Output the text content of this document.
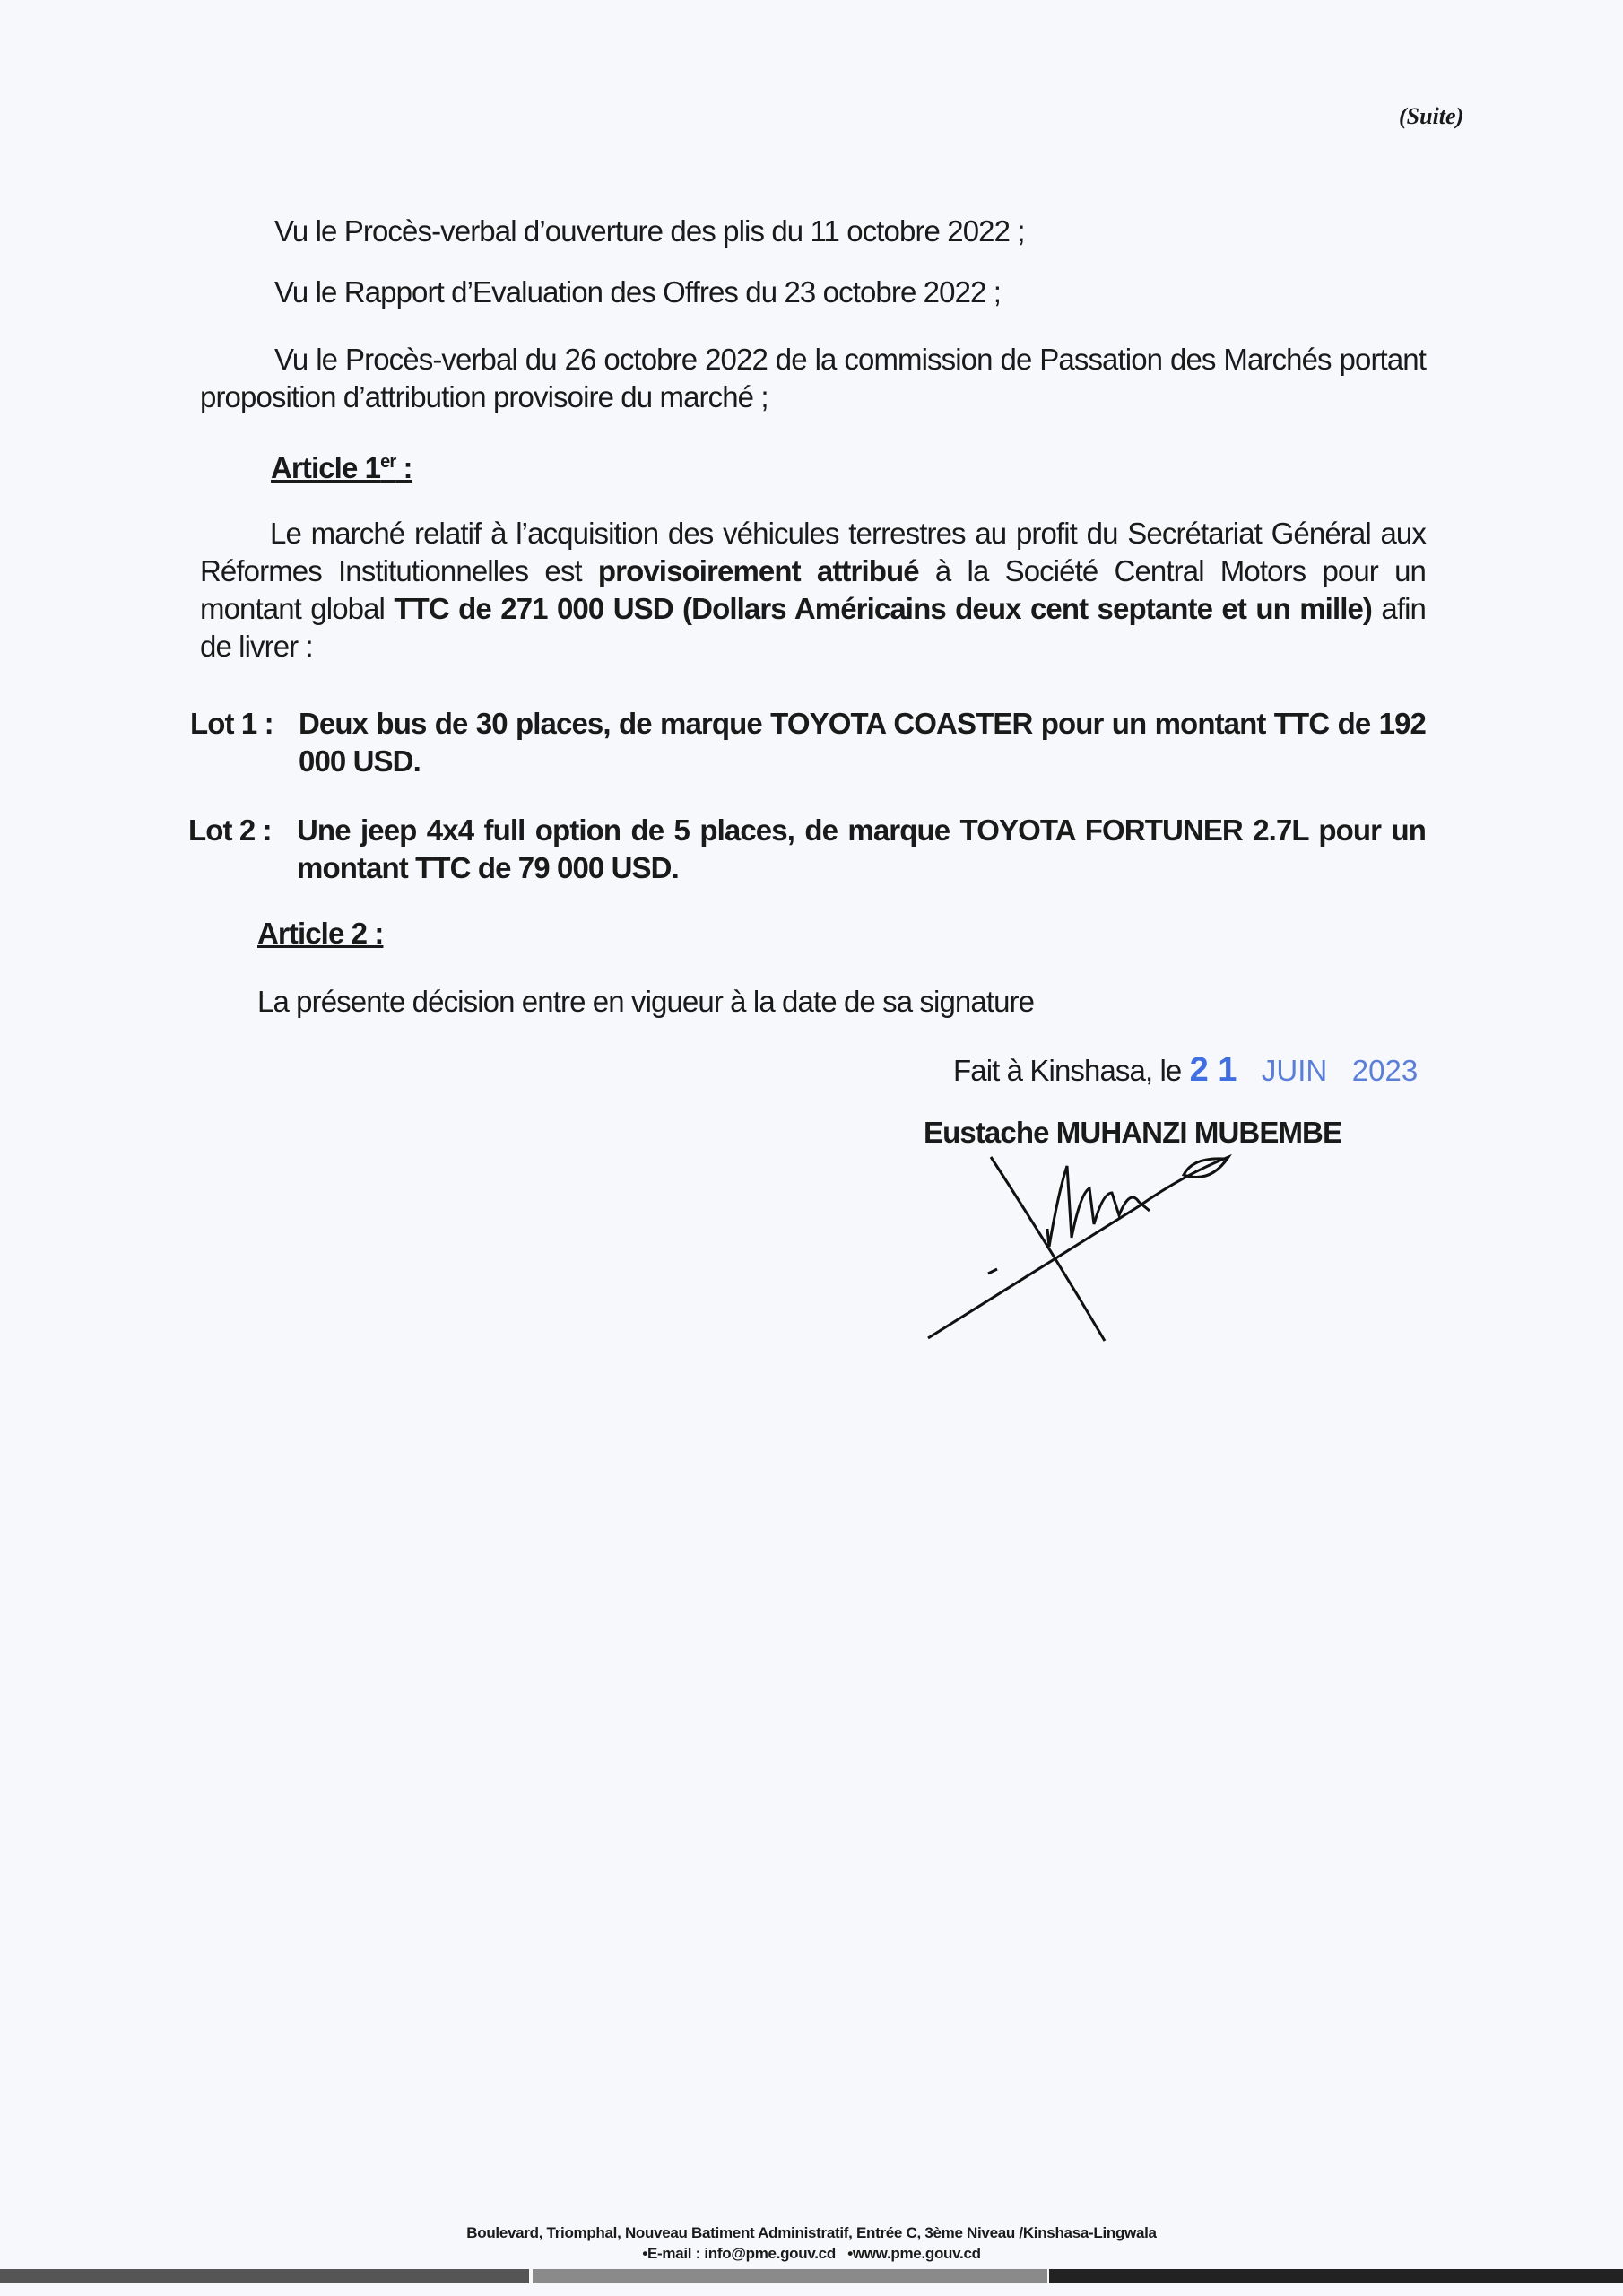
(Suite)
Vu le Procès-verbal d’ouverture des plis du 11 octobre 2022 ;
Vu le Rapport d’Evaluation des Offres du 23 octobre 2022 ;
Vu le Procès-verbal du 26 octobre 2022 de la commission de Passation des Marchés portant proposition d’attribution provisoire du marché ;
Article 1er :
Le marché relatif à l’acquisition des véhicules terrestres au profit du Secrétariat Général aux Réformes Institutionnelles est provisoirement attribué à la Société Central Motors pour un montant global TTC de 271 000 USD (Dollars Américains deux cent septante et un mille) afin de livrer :
Lot 1 : Deux bus de 30 places, de marque TOYOTA COASTER pour un montant TTC de 192 000 USD.
Lot 2 : Une jeep 4x4 full option de 5 places, de marque TOYOTA FORTUNER 2.7L pour un montant TTC de 79 000 USD.
Article 2 :
La présente décision entre en vigueur à la date de sa signature
Fait à Kinshasa, le 2 1 JUIN 2023
Eustache MUHANZI MUBEMBE
Boulevard, Triomphal, Nouveau Batiment Administratif, Entrée C, 3ème Niveau /Kinshasa-Lingwala
•E-mail : info@pme.gouv.cd •www.pme.gouv.cd
